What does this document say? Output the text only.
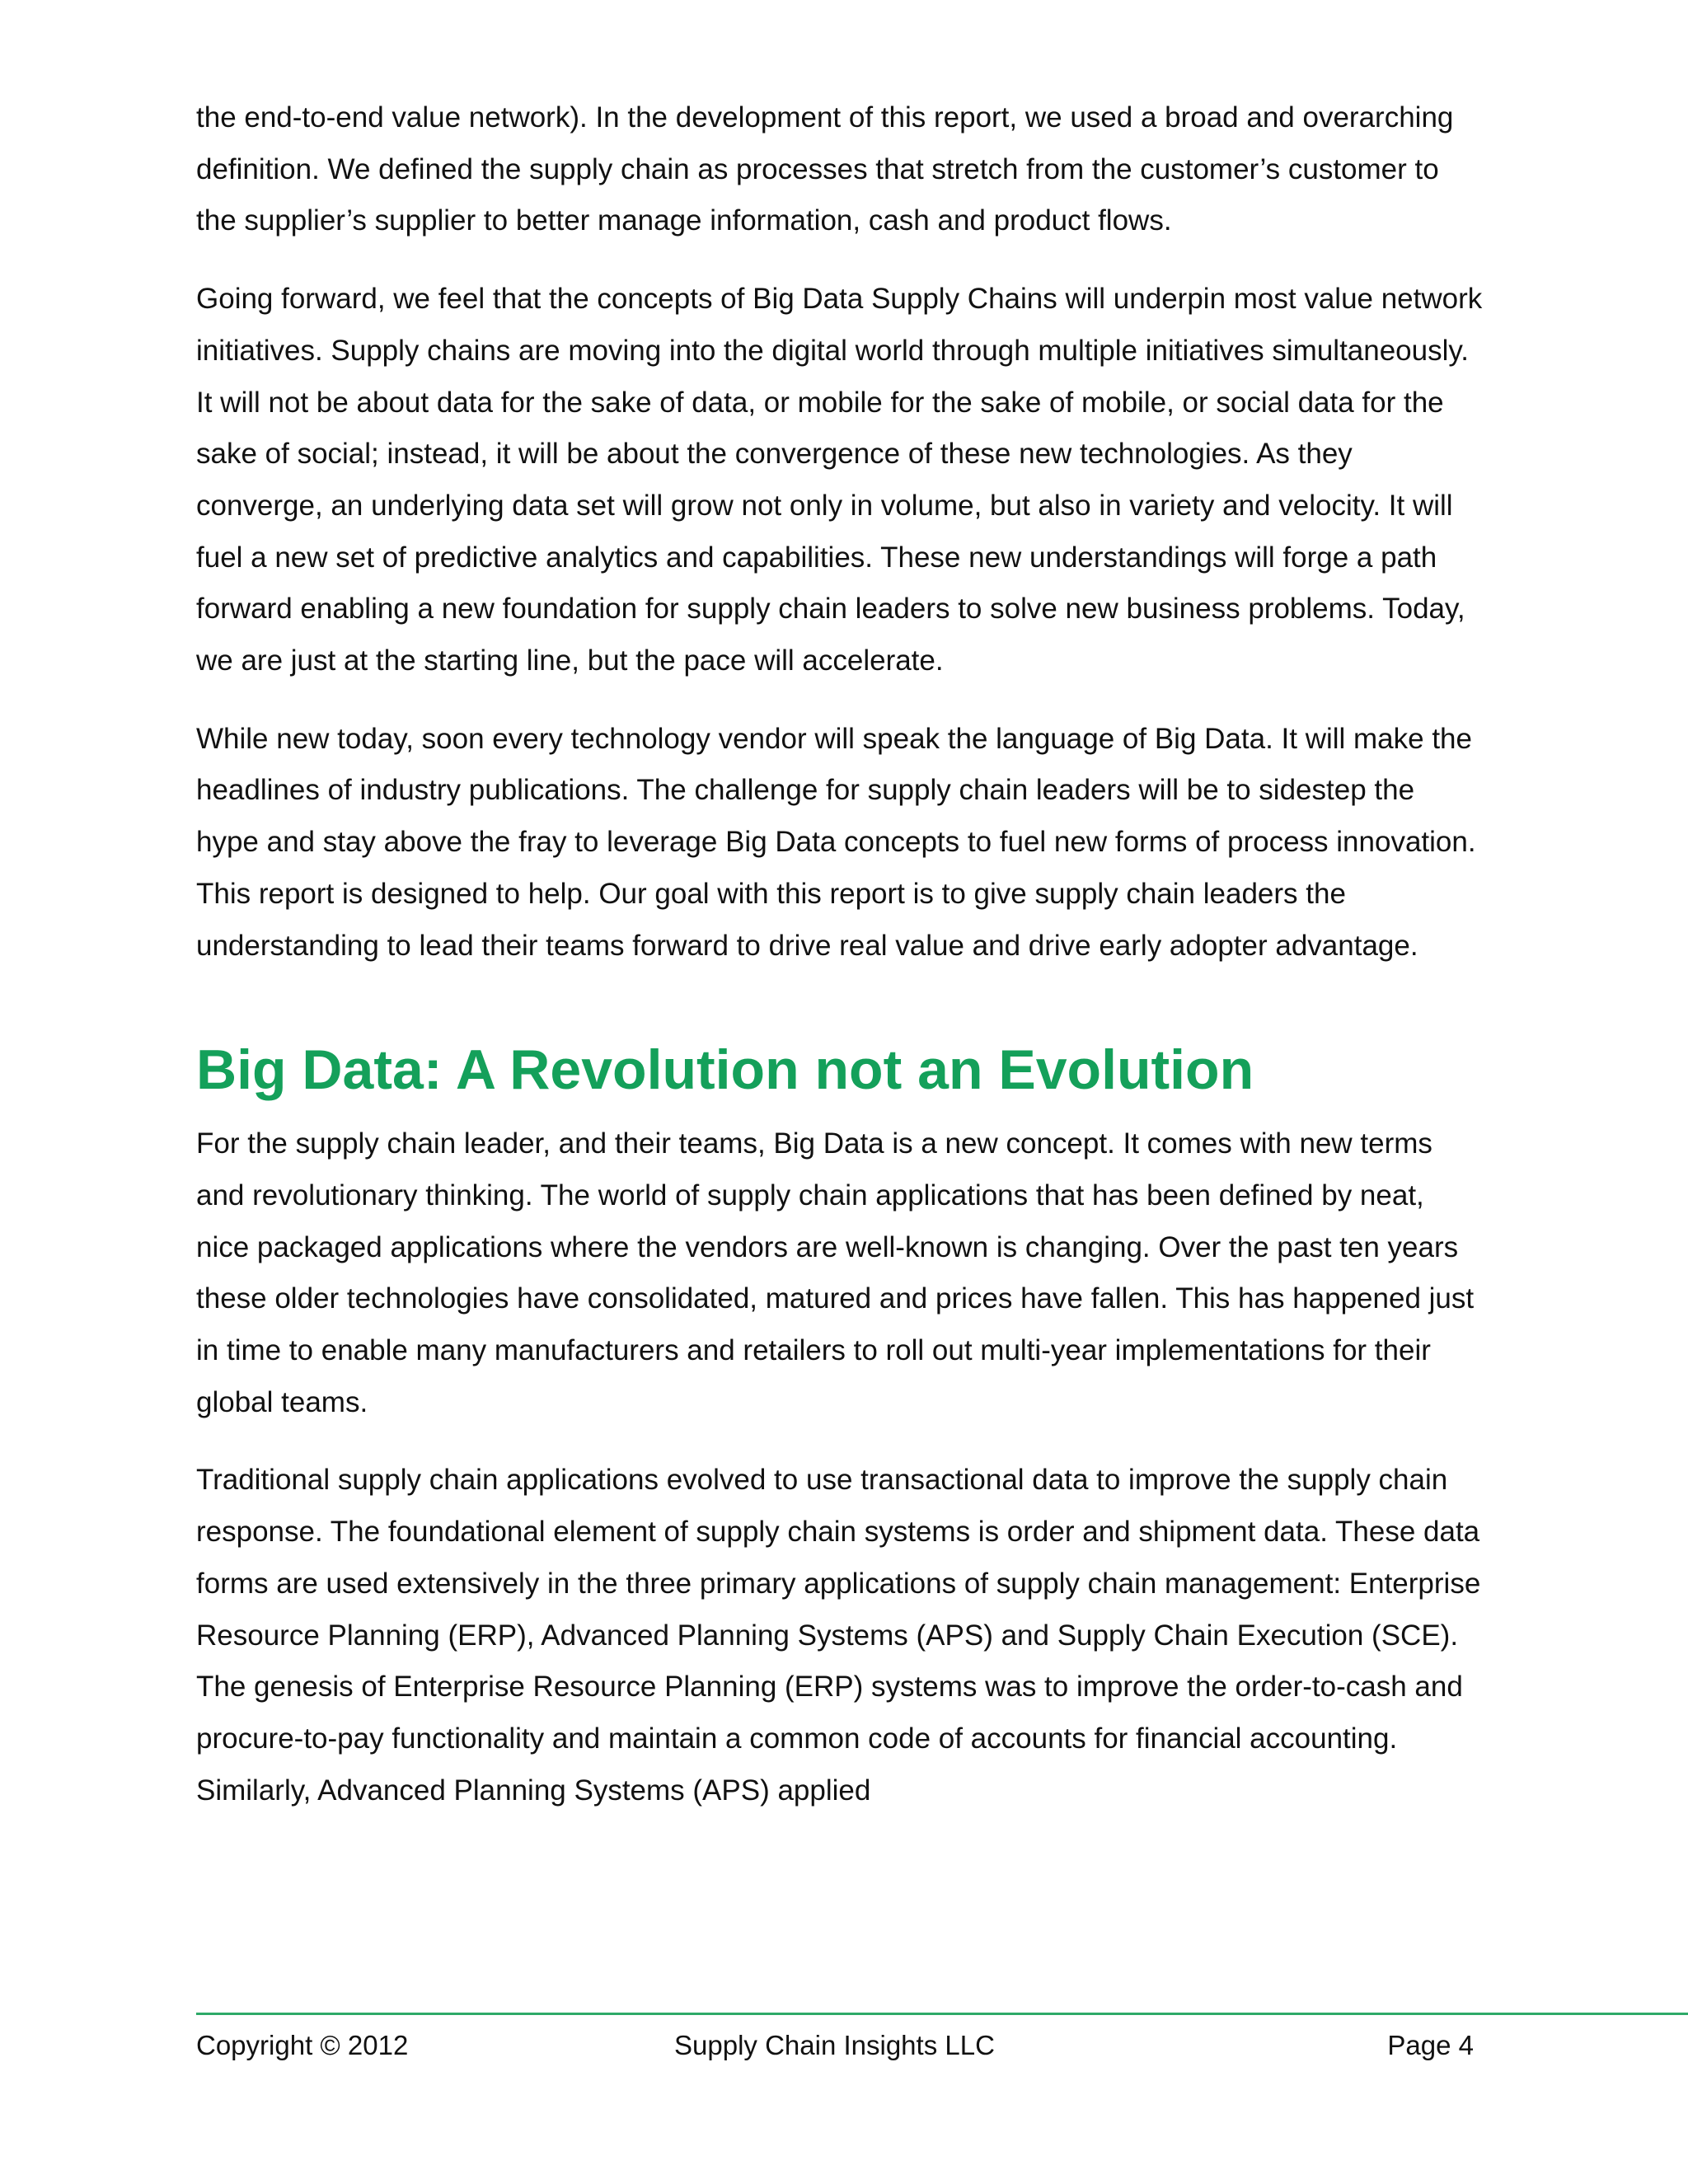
the end-to-end value network). In the development of this report, we used a broad and overarching definition. We defined the supply chain as processes that stretch from the customer’s customer to the supplier’s supplier to better manage information, cash and product flows.

Going forward, we feel that the concepts of Big Data Supply Chains will underpin most value network initiatives. Supply chains are moving into the digital world through multiple initiatives simultaneously. It will not be about data for the sake of data, or mobile for the sake of mobile, or social data for the sake of social; instead, it will be about the convergence of these new technologies. As they converge, an underlying data set will grow not only in volume, but also in variety and velocity. It will fuel a new set of predictive analytics and capabilities. These new understandings will forge a path forward enabling a new foundation for supply chain leaders to solve new business problems. Today, we are just at the starting line, but the pace will accelerate.

While new today, soon every technology vendor will speak the language of Big Data. It will make the headlines of industry publications. The challenge for supply chain leaders will be to sidestep the hype and stay above the fray to leverage Big Data concepts to fuel new forms of process innovation. This report is designed to help. Our goal with this report is to give supply chain leaders the understanding to lead their teams forward to drive real value and drive early adopter advantage.

Big Data: A Revolution not an Evolution

For the supply chain leader, and their teams, Big Data is a new concept. It comes with new terms and revolutionary thinking. The world of supply chain applications that has been defined by neat, nice packaged applications where the vendors are well-known is changing. Over the past ten years these older technologies have consolidated, matured and prices have fallen. This has happened just in time to enable many manufacturers and retailers to roll out multi-year implementations for their global teams.

Traditional supply chain applications evolved to use transactional data to improve the supply chain response. The foundational element of supply chain systems is order and shipment data. These data forms are used extensively in the three primary applications of supply chain management: Enterprise Resource Planning (ERP), Advanced Planning Systems (APS) and Supply Chain Execution (SCE). The genesis of Enterprise Resource Planning (ERP) systems was to improve the order-to-cash and procure-to-pay functionality and maintain a common code of accounts for financial accounting. Similarly, Advanced Planning Systems (APS) applied

Copyright © 2012	Supply Chain Insights LLC	Page 4
